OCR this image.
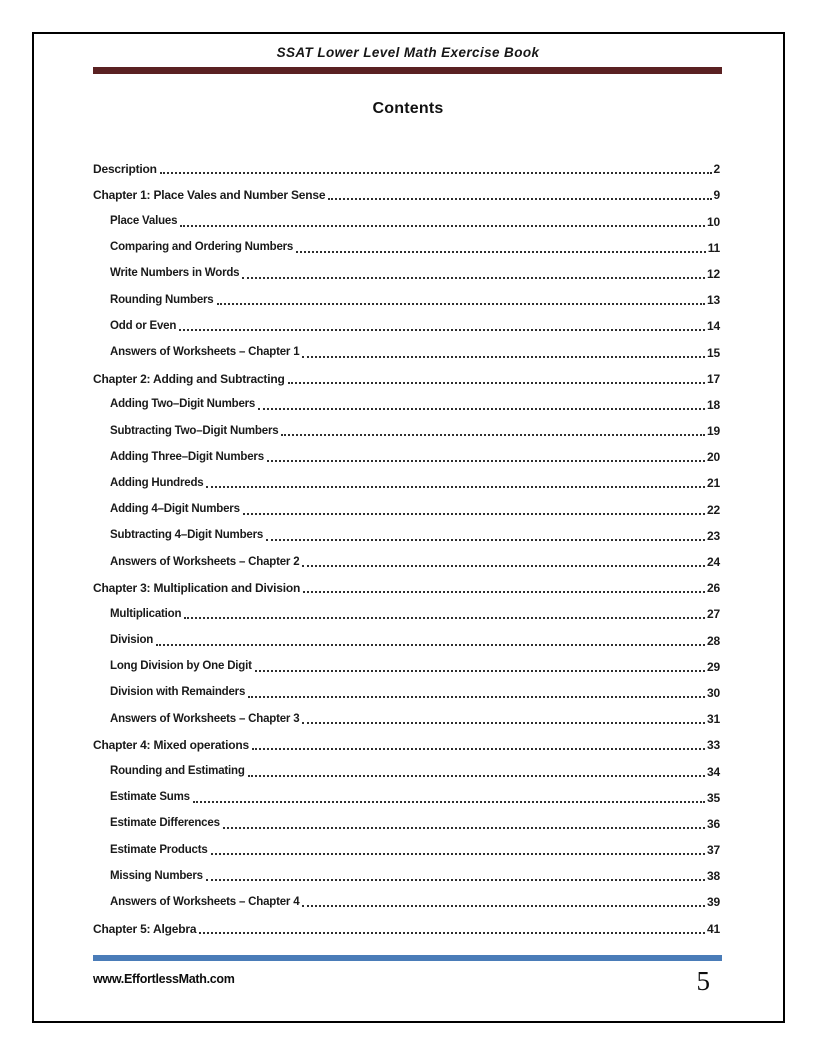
SSAT Lower Level Math Exercise Book
Contents
Description	2
Chapter 1: Place Vales and Number Sense	9
Place Values	10
Comparing and Ordering Numbers	11
Write Numbers in Words	12
Rounding Numbers	13
Odd or Even	14
Answers of Worksheets – Chapter 1	15
Chapter 2: Adding and Subtracting	17
Adding Two–Digit Numbers	18
Subtracting Two–Digit Numbers	19
Adding Three–Digit Numbers	20
Adding Hundreds	21
Adding 4–Digit Numbers	22
Subtracting 4–Digit Numbers	23
Answers of Worksheets – Chapter 2	24
Chapter 3: Multiplication and Division	26
Multiplication	27
Division	28
Long Division by One Digit	29
Division with Remainders	30
Answers of Worksheets – Chapter 3	31
Chapter 4: Mixed operations	33
Rounding and Estimating	34
Estimate Sums	35
Estimate Differences	36
Estimate Products	37
Missing Numbers	38
Answers of Worksheets – Chapter 4	39
Chapter 5: Algebra	41
www.EffortlessMath.com	5
